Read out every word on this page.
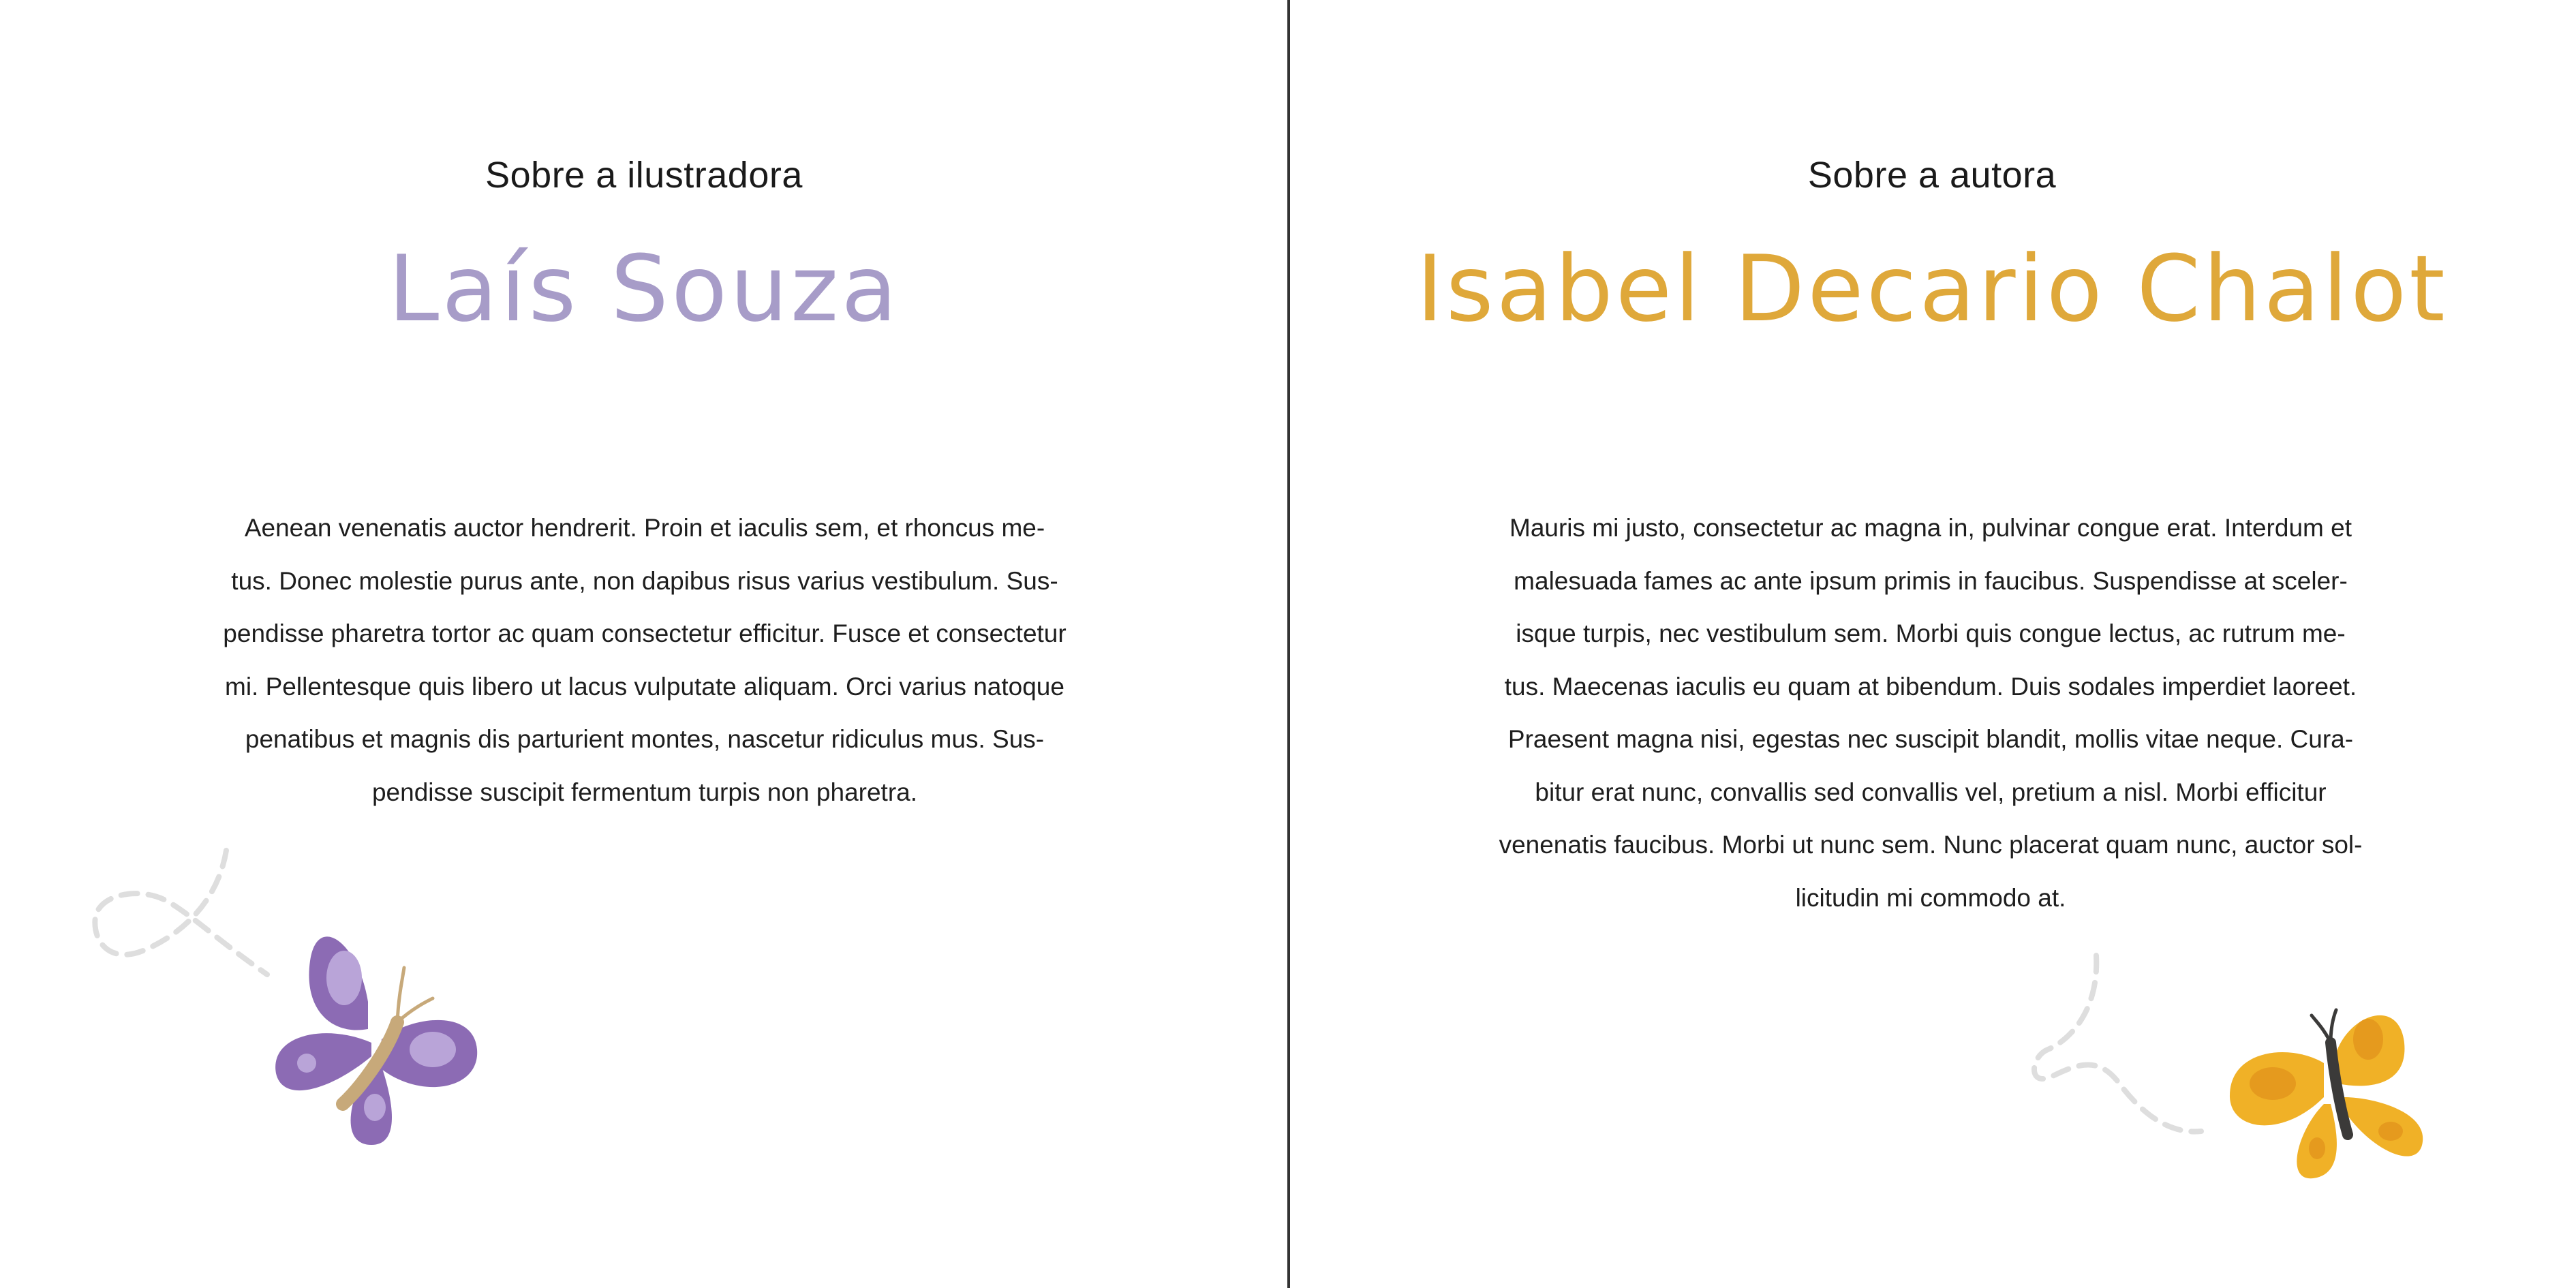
Sobre a ilustradora
Laís Souza
Aenean venenatis auctor hendrerit. Proin et iaculis sem, et rhoncus me-
tus. Donec molestie purus ante, non dapibus risus varius vestibulum. Sus-
pendisse pharetra tortor ac quam consectetur efficitur. Fusce et consectetur
mi. Pellentesque quis libero ut lacus vulputate aliquam. Orci varius natoque
penatibus et magnis dis parturient montes, nascetur ridiculus mus. Sus-
pendisse suscipit fermentum turpis non pharetra.
Sobre a autora
Isabel Decario Chalot
Mauris mi justo, consectetur ac magna in, pulvinar congue erat. Interdum et
malesuada fames ac ante ipsum primis in faucibus. Suspendisse at sceler-
isque turpis, nec vestibulum sem. Morbi quis congue lectus, ac rutrum me-
tus. Maecenas iaculis eu quam at bibendum. Duis sodales imperdiet laoreet.
Praesent magna nisi, egestas nec suscipit blandit, mollis vitae neque. Cura-
bitur erat nunc, convallis sed convallis vel, pretium a nisl. Morbi efficitur
venenatis faucibus. Morbi ut nunc sem. Nunc placerat quam nunc, auctor sol-
licitudin mi commodo at.
